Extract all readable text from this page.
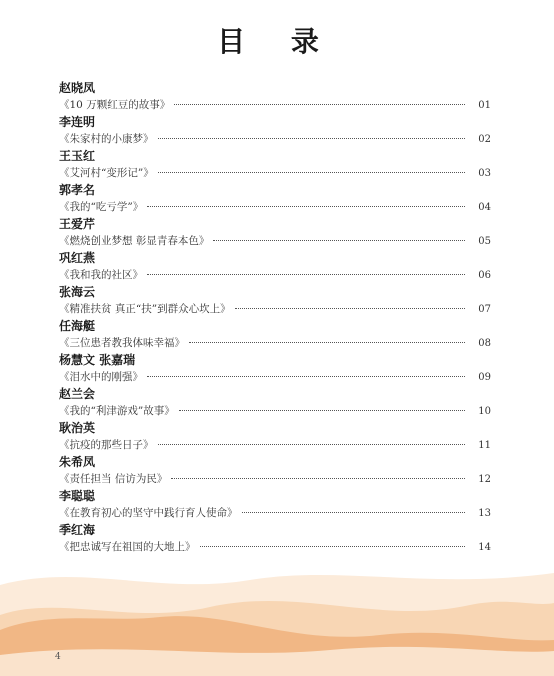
目 录
赵晓凤
《10 万颗红豆的故事》	01
李连明
《朱家村的小康梦》	02
王玉红
《艾河村“变形记”》	03
郭孝名
《我的“吃亏学”》	04
王爱芹
《燃烧创业梦想 彰显青春本色》	05
巩红燕
《我和我的社区》	06
张海云
《精准扶贫 真正“扶”到群众心坎上》	07
任海艇
《三位患者教我体味幸福》	08
杨慧文 张嘉瑞
《泪水中的刚强》	09
赵兰会
《我的“利津游戏”故事》	10
耿治英
《抗疫的那些日子》	11
朱希凤
《责任担当 信访为民》	12
李聪聪
《在教育初心的坚守中践行育人使命》	13
季红海
《把忠诚写在祖国的大地上》	14
4
